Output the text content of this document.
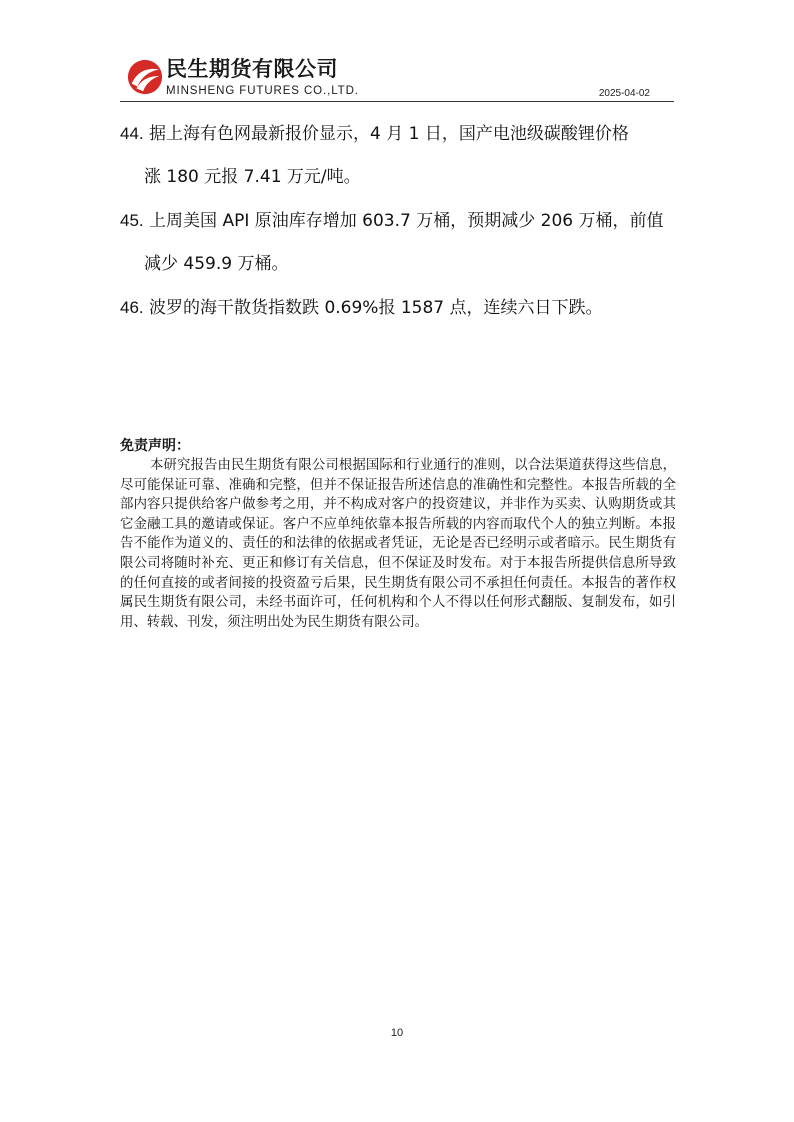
民生期货有限公司
MINSHENG FUTURES CO.,LTD.	2025-04-02
44. 据上海有色网最新报价显示，4 月 1 日，国产电池级碳酸锂价格
涨 180 元报 7.41 万元/吨。
45. 上周美国 API 原油库存增加 603.7 万桶，预期减少 206 万桶，前值
减少 459.9 万桶。
46. 波罗的海干散货指数跌 0.69%报 1587 点，连续六日下跌。
免责声明：

本研究报告由民生期货有限公司根据国际和行业通行的准则，以合法渠道获得这些信息，尽可能保证可靠、准确和完整，但并不保证报告所述信息的准确性和完整性。本报告所载的全部内容只提供给客户做参考之用，并不构成对客户的投资建议，并非作为买卖、认购期货或其它金融工具的邀请或保证。客户不应单纯依靠本报告所载的内容而取代个人的独立判断。本报告不能作为道义的、责任的和法律的依据或者凭证，无论是否已经明示或者暗示。民生期货有限公司将随时补充、更正和修订有关信息，但不保证及时发布。对于本报告所提供信息所导致的任何直接的或者间接的投资盈亏后果，民生期货有限公司不承担任何责任。本报告的著作权属民生期货有限公司，未经书面许可，任何机构和个人不得以任何形式翻版、复制发布，如引用、转载、刊发，须注明出处为民生期货有限公司。

10
